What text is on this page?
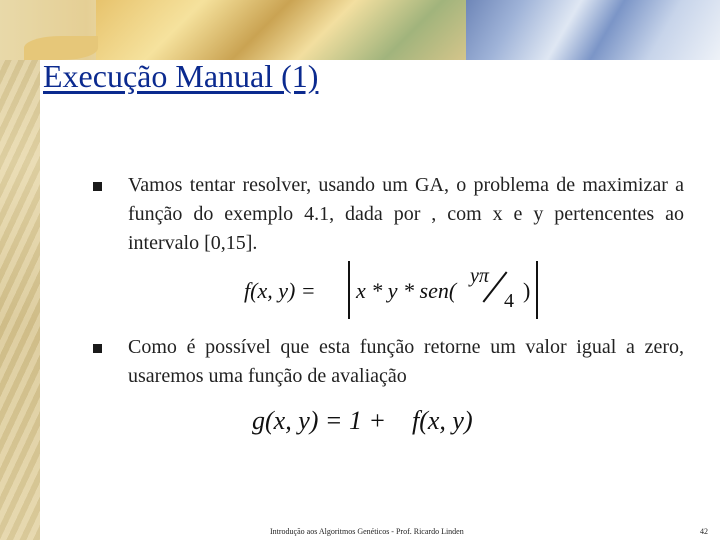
Execução Manual (1)

Vamos tentar resolver, usando um GA, o problema de maximizar a função do exemplo 4.1, dada por , com x e y pertencentes ao intervalo [0,15].

f(x, y) = x * y * sen(
yπ
4 )

Como é possível que esta função retorne um valor igual a zero, usaremos uma função de avaliação

g(x, y) = 1 + f(x, y)
Introdução aos Algoritmos Genéticos - Prof. Ricardo Linden	42
